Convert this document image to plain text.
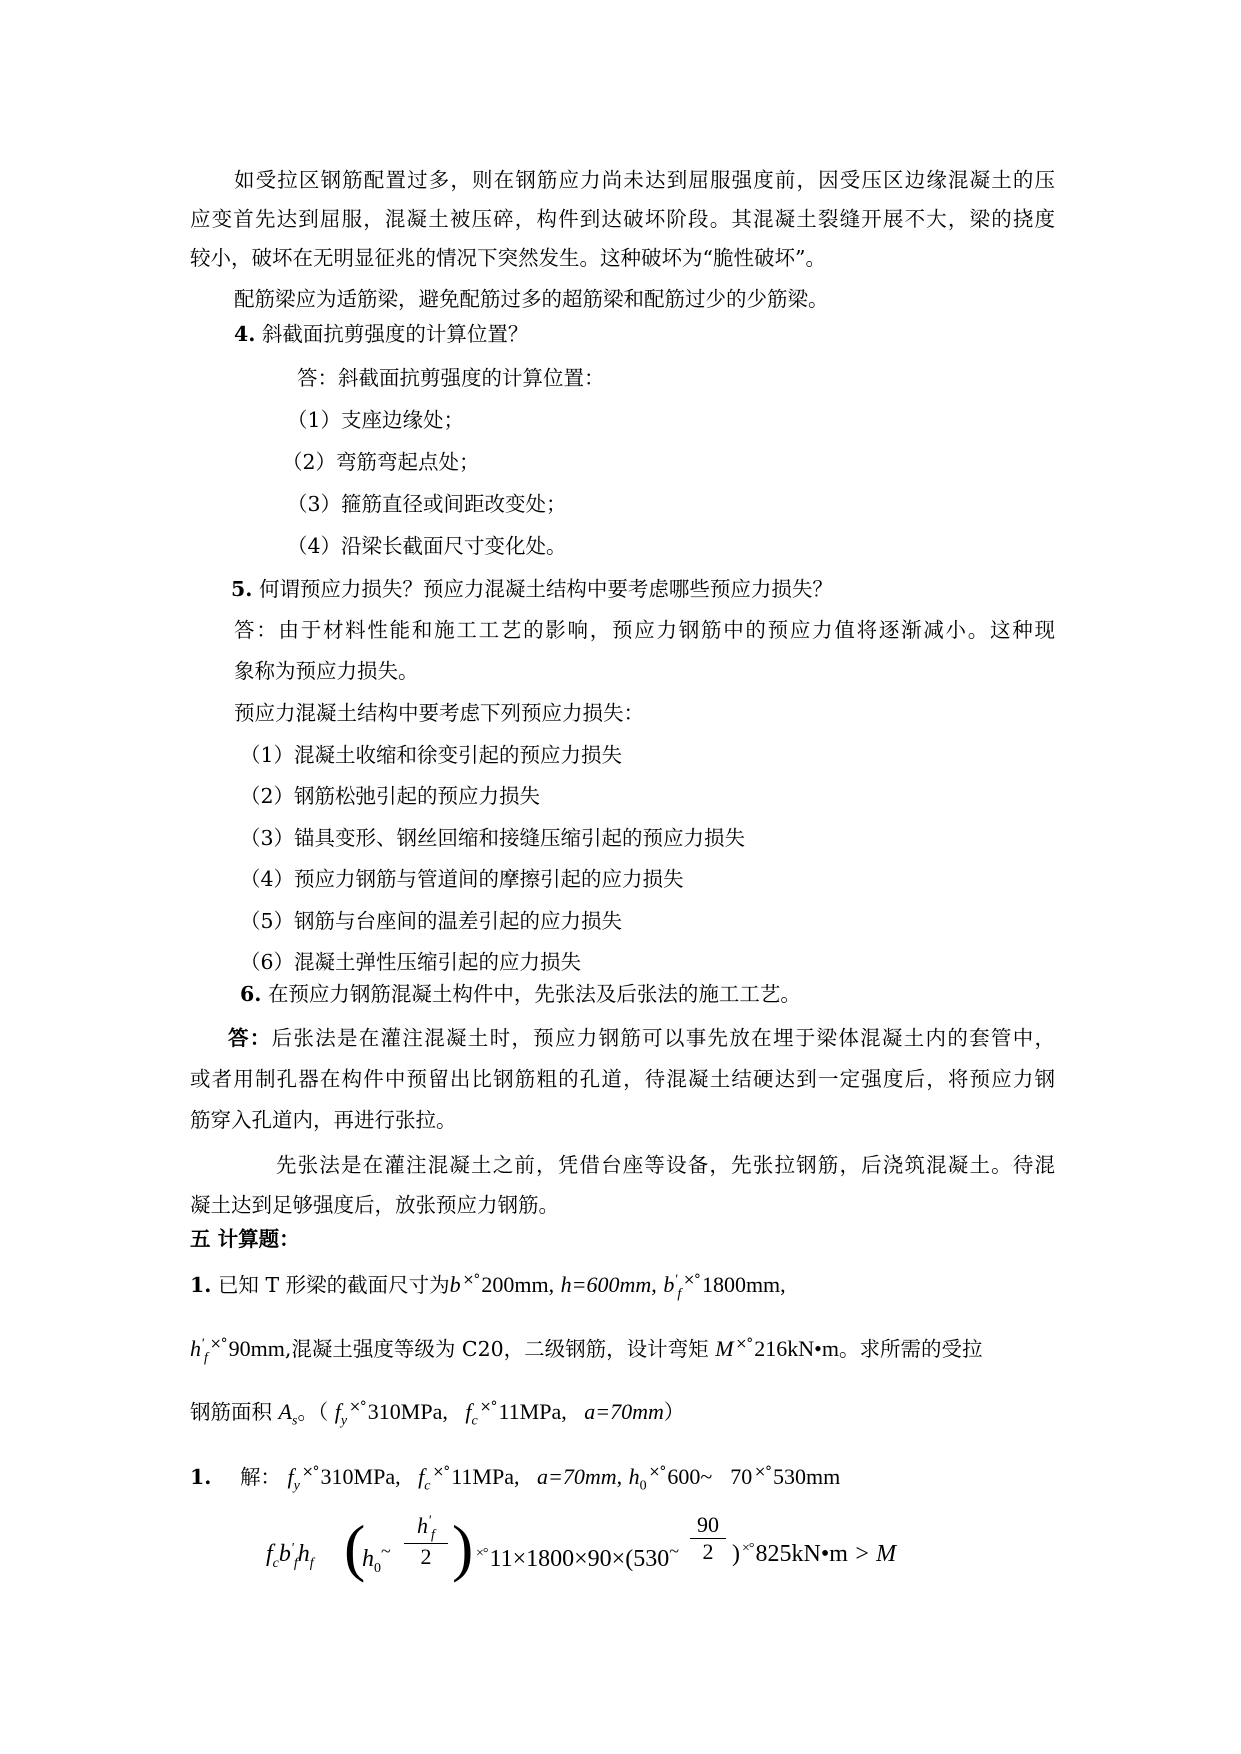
如受拉区钢筋配置过多，则在钢筋应力尚未达到屈服强度前，因受压区边缘混凝土的压
应变首先达到屈服，混凝土被压碎，构件到达破坏阶段。其混凝土裂缝开展不大，梁的挠度
较小，破坏在无明显征兆的情况下突然发生。这种破坏为“脆性破坏”。
配筋梁应为适筋梁，避免配筋过多的超筋梁和配筋过少的少筋梁。
4. 斜截面抗剪强度的计算位置？
答：斜截面抗剪强度的计算位置：
（1）支座边缘处；
（2）弯筋弯起点处；
（3）箍筋直径或间距改变处；
（4）沿梁长截面尺寸变化处。
5. 何谓预应力损失？预应力混凝土结构中要考虑哪些预应力损失？
答：由于材料性能和施工工艺的影响，预应力钢筋中的预应力值将逐渐减小。这种现
象称为预应力损失。
预应力混凝土结构中要考虑下列预应力损失：
（1）混凝土收缩和徐变引起的预应力损失
（2）钢筋松弛引起的预应力损失
（3）锚具变形、钢丝回缩和接缝压缩引起的预应力损失
（4）预应力钢筋与管道间的摩擦引起的应力损失
（5）钢筋与台座间的温差引起的应力损失
（6）混凝土弹性压缩引起的应力损失
6. 在预应力钢筋混凝土构件中，先张法及后张法的施工工艺。
答：后张法是在灌注混凝土时，预应力钢筋可以事先放在埋于梁体混凝土内的套管中，
或者用制孔器在构件中预留出比钢筋粗的孔道，待混凝土结硬达到一定强度后，将预应力钢
筋穿入孔道内，再进行张拉。
先张法是在灌注混凝土之前，凭借台座等设备，先张拉钢筋，后浇筑混凝土。待混
凝土达到足够强度后，放张预应力钢筋。
五 计算题：
1. 已知 T 形梁的截面尺寸为b ×°200mm, h=600mm, $b'_f^{\times^\circ}1800mm$,
$h'_f^{\times^\circ}90mm$,混凝土强度等级为 C20，二级钢筋，设计弯矩 M ×°216kN•m。求所需的受拉
钢筋面积 $A_s$。（ $f_y^{\times^\circ}310MPa$,   $f_c^{\times^\circ}11MPa$,   a=70mm）
1. 解： $f_y^{\times^\circ}310MPa$,   $f_c^{\times^\circ}11MPa$,   a=70mm, $h_0^{\times^\circ}600\sim$ 70 ×°530mm
$f_cb'_fh_f$ (
$h_0^\sim$
$h'_f$
2 ) ×°11×1800×90×(530~
90
2 ) ×°825kN•m > M
